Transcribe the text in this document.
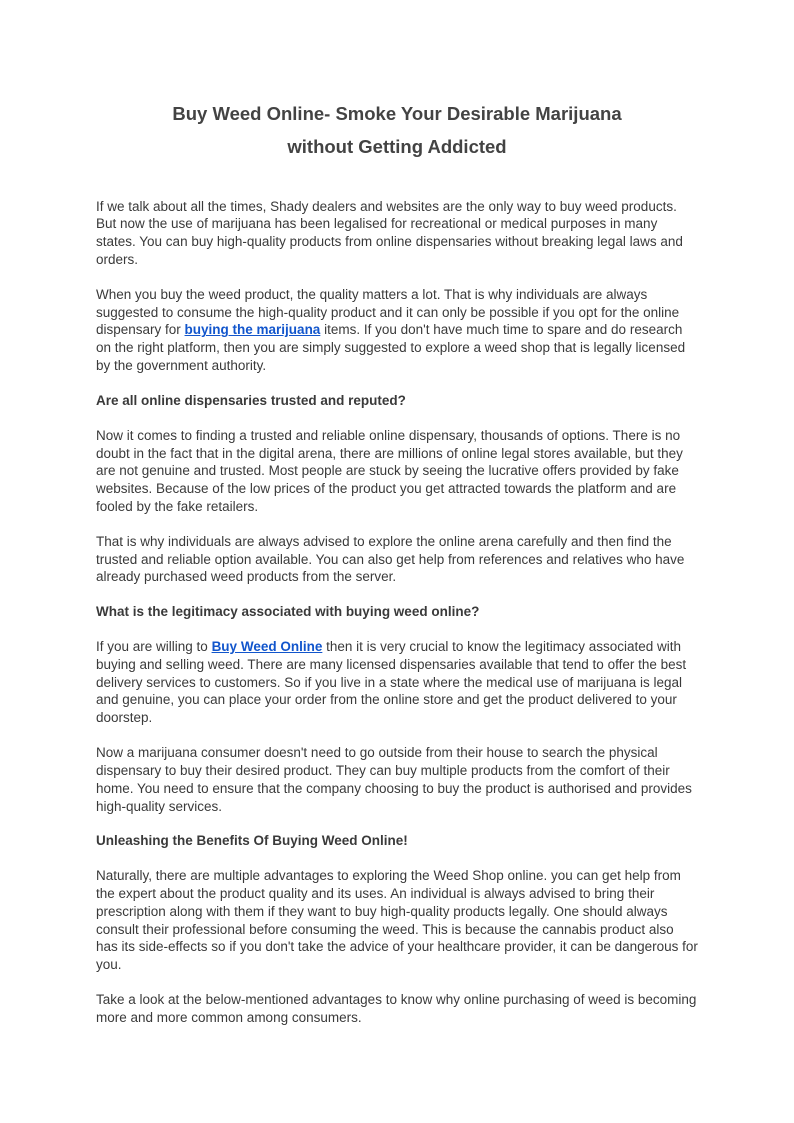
Buy Weed Online- Smoke Your Desirable Marijuana
without Getting Addicted

If we talk about all the times, Shady dealers and websites are the only way to buy weed products. But now the use of marijuana has been legalised for recreational or medical purposes in many states. You can buy high-quality products from online dispensaries without breaking legal laws and orders.

When you buy the weed product, the quality matters a lot. That is why individuals are always suggested to consume the high-quality product and it can only be possible if you opt for the online dispensary for buying the marijuana items. If you don't have much time to spare and do research on the right platform, then you are simply suggested to explore a weed shop that is legally licensed by the government authority.

Are all online dispensaries trusted and reputed?

Now it comes to finding a trusted and reliable online dispensary, thousands of options. There is no doubt in the fact that in the digital arena, there are millions of online legal stores available, but they are not genuine and trusted. Most people are stuck by seeing the lucrative offers provided by fake websites. Because of the low prices of the product you get attracted towards the platform and are fooled by the fake retailers.

That is why individuals are always advised to explore the online arena carefully and then find the trusted and reliable option available. You can also get help from references and relatives who have already purchased weed products from the server.

What is the legitimacy associated with buying weed online?

If you are willing to Buy Weed Online then it is very crucial to know the legitimacy associated with buying and selling weed. There are many licensed dispensaries available that tend to offer the best delivery services to customers. So if you live in a state where the medical use of marijuana is legal and genuine, you can place your order from the online store and get the product delivered to your doorstep.

Now a marijuana consumer doesn't need to go outside from their house to search the physical dispensary to buy their desired product. They can buy multiple products from the comfort of their home. You need to ensure that the company choosing to buy the product is authorised and provides high-quality services.

Unleashing the Benefits Of Buying Weed Online!

Naturally, there are multiple advantages to exploring the Weed Shop online. you can get help from the expert about the product quality and its uses. An individual is always advised to bring their prescription along with them if they want to buy high-quality products legally. One should always consult their professional before consuming the weed. This is because the cannabis product also has its side-effects so if you don't take the advice of your healthcare provider, it can be dangerous for you.

Take a look at the below-mentioned advantages to know why online purchasing of weed is becoming more and more common among consumers.
